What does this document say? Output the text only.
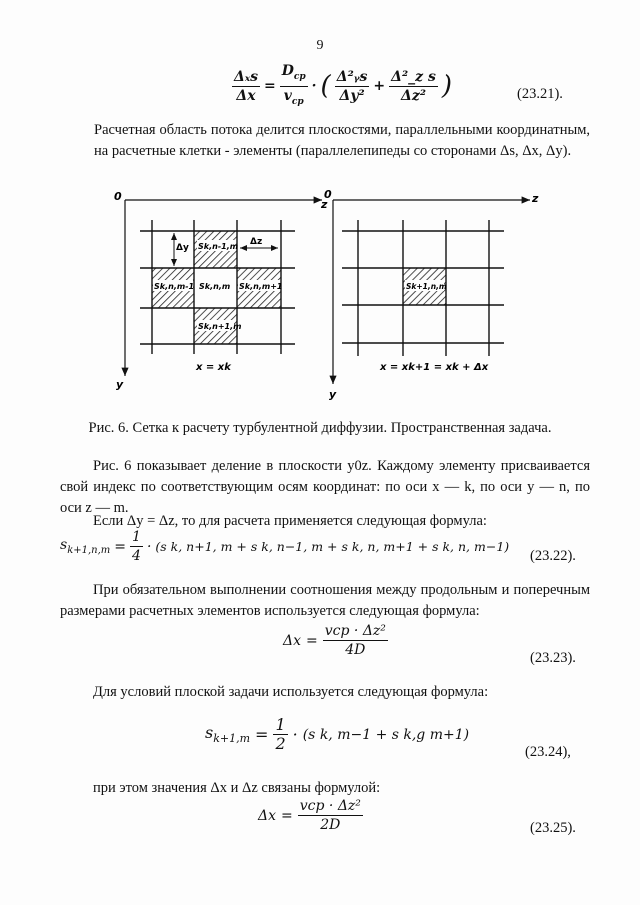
9
$\frac{\text{Δₓs}}{\Delta x} = \frac{D_{ср}}{v_{ср}}$ · ( $\frac{\text{Δ²ᵧs}}{\text{Δy²}} + \frac{\text{Δ²\_z s}}{\text{Δz²}}$ )	(23.21).
Расчетная область потока делится плоскостями, параллельными координатным, на расчетные клетки - элементы (параллелепипеды со сторонами Δs, Δx, Δy).
0
z
y
Δy
Δz
Sk,n-1,m
Sk,n,m-1 Sk,n,m Sk,n,m+1
Sk,n+1,m
x = xk
0	z
y
Sk+1,n,m
x = xk+1 = xk + Δx
Рис. 6. Сетка к расчету турбулентной диффузии. Пространственная задача.
Рис. 6 показывает деление в плоскости y0z. Каждому элементу присваивается свой индекс по соответствующим осям координат: по оси x — k, по оси y — n, по оси z — m.
Если Δy = Δz, то для расчета применяется следующая формула:
$s_{k+1,n,m} = \frac{1}{4} \cdot (s$ k, n+1, m + s k, n−1, m + s k, n, m+1 + s k, n, m−1)
(23.22).
При обязательном выполнении соотношения между продольным и поперечным размерами расчетных элементов используется следующая формула:
$\Delta x = \frac{\text{vср · Δz²}}{4D}$	(23.23).
Для условий плоской задачи используется следующая формула:
$s_{k+1,m} = \frac{1}{2} \cdot (s$ k, m−1 + s k,g m+1)
(23.24),
при этом значения Δx и Δz связаны формулой:
$\Delta x = \frac{\text{vср · Δz²}}{2D}$	(23.25).
